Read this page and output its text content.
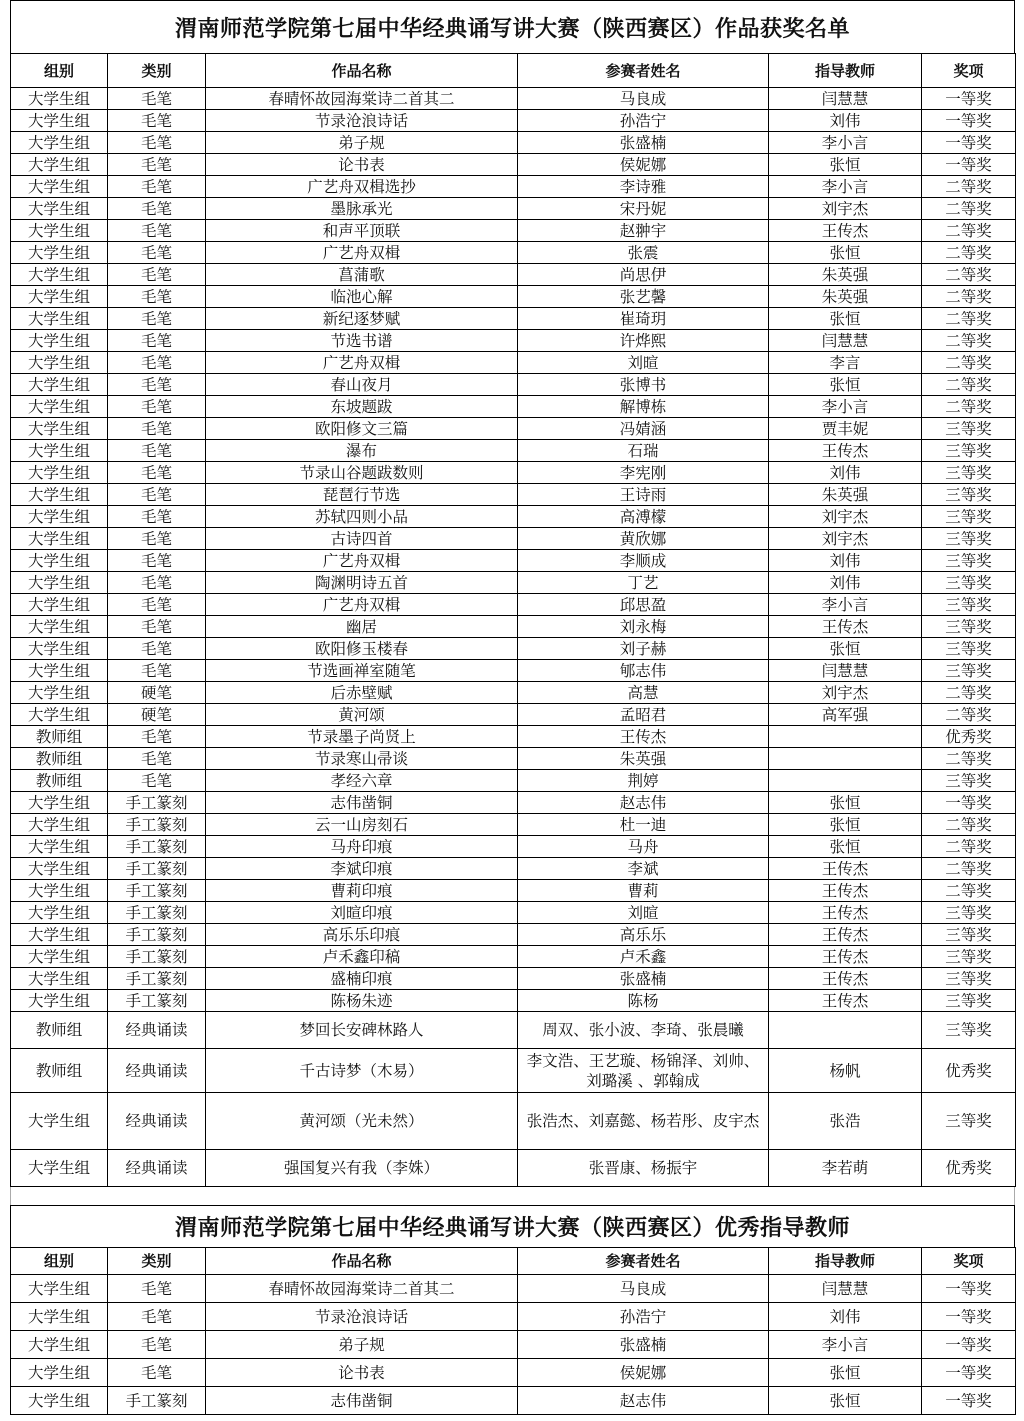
渭南师范学院第七届中华经典诵写讲大赛（陕西赛区）作品获奖名单
组别	类别	作品名称	参赛者姓名	指导教师	奖项
大学生组	毛笔	春晴怀故园海棠诗二首其二	马良成	闫慧慧	一等奖
大学生组	毛笔	节录沧浪诗话	孙浩宁	刘伟	一等奖
大学生组	毛笔	弟子规	张盛楠	李小言	一等奖
大学生组	毛笔	论书表	侯妮娜	张恒	一等奖
大学生组	毛笔	广艺舟双楫选抄	李诗雅	李小言	二等奖
大学生组	毛笔	墨脉承光	宋丹妮	刘宇杰	二等奖
大学生组	毛笔	和声平顶联	赵翀宇	王传杰	二等奖
大学生组	毛笔	广艺舟双楫	张震	张恒	二等奖
大学生组	毛笔	菖蒲歌	尚思伊	朱英强	二等奖
大学生组	毛笔	临池心解	张艺馨	朱英强	二等奖
大学生组	毛笔	新纪逐梦赋	崔琦玥	张恒	二等奖
大学生组	毛笔	节选书谱	许烨熙	闫慧慧	二等奖
大学生组	毛笔	广艺舟双楫	刘暄	李言	二等奖
大学生组	毛笔	春山夜月	张博书	张恒	二等奖
大学生组	毛笔	东坡题跋	解博栋	李小言	二等奖
大学生组	毛笔	欧阳修文三篇	冯婧涵	贾丰妮	三等奖
大学生组	毛笔	瀑布	石瑞	王传杰	三等奖
大学生组	毛笔	节录山谷题跋数则	李宪刚	刘伟	三等奖
大学生组	毛笔	琵琶行节选	王诗雨	朱英强	三等奖
大学生组	毛笔	苏轼四则小品	高溥檬	刘宇杰	三等奖
大学生组	毛笔	古诗四首	黄欣娜	刘宇杰	三等奖
大学生组	毛笔	广艺舟双楫	李顺成	刘伟	三等奖
大学生组	毛笔	陶渊明诗五首	丁艺	刘伟	三等奖
大学生组	毛笔	广艺舟双楫	邱思盈	李小言	三等奖
大学生组	毛笔	幽居	刘永梅	王传杰	三等奖
大学生组	毛笔	欧阳修玉楼春	刘子赫	张恒	三等奖
大学生组	毛笔	节选画禅室随笔	郇志伟	闫慧慧	三等奖
大学生组	硬笔	后赤壁赋	高慧	刘宇杰	二等奖
大学生组	硬笔	黄河颂	孟昭君	高军强	二等奖
教师组	毛笔	节录墨子尚贤上	王传杰		优秀奖
教师组	毛笔	节录寒山帚谈	朱英强		二等奖
教师组	毛笔	孝经六章	荆婷		三等奖
大学生组	手工篆刻	志伟凿铜	赵志伟	张恒	一等奖
大学生组	手工篆刻	云一山房刻石	杜一迪	张恒	二等奖
大学生组	手工篆刻	马舟印痕	马舟	张恒	二等奖
大学生组	手工篆刻	李斌印痕	李斌	王传杰	二等奖
大学生组	手工篆刻	曹莉印痕	曹莉	王传杰	二等奖
大学生组	手工篆刻	刘暄印痕	刘暄	王传杰	三等奖
大学生组	手工篆刻	高乐乐印痕	高乐乐	王传杰	三等奖
大学生组	手工篆刻	卢禾鑫印稿	卢禾鑫	王传杰	三等奖
大学生组	手工篆刻	盛楠印痕	张盛楠	王传杰	三等奖
大学生组	手工篆刻	陈杨朱迹	陈杨	王传杰	三等奖
教师组	经典诵读	梦回长安碑林路人	周双、张小波、李琦、张晨曦		三等奖
教师组	经典诵读	千古诗梦（木易）	李文浩、王艺璇、杨锦泽、刘帅、刘璐溪 、郭翰成	杨帆	优秀奖
大学生组	经典诵读	黄河颂（光未然）	张浩杰、刘嘉懿、杨若彤、皮宇杰	张浩	三等奖
大学生组	经典诵读	强国复兴有我（李姝）	张晋康、杨振宇	李若萌	优秀奖
渭南师范学院第七届中华经典诵写讲大赛（陕西赛区）优秀指导教师
组别	类别	作品名称	参赛者姓名	指导教师	奖项
大学生组	毛笔	春晴怀故园海棠诗二首其二	马良成	闫慧慧	一等奖
大学生组	毛笔	节录沧浪诗话	孙浩宁	刘伟	一等奖
大学生组	毛笔	弟子规	张盛楠	李小言	一等奖
大学生组	毛笔	论书表	侯妮娜	张恒	一等奖
大学生组	手工篆刻	志伟凿铜	赵志伟	张恒	一等奖
